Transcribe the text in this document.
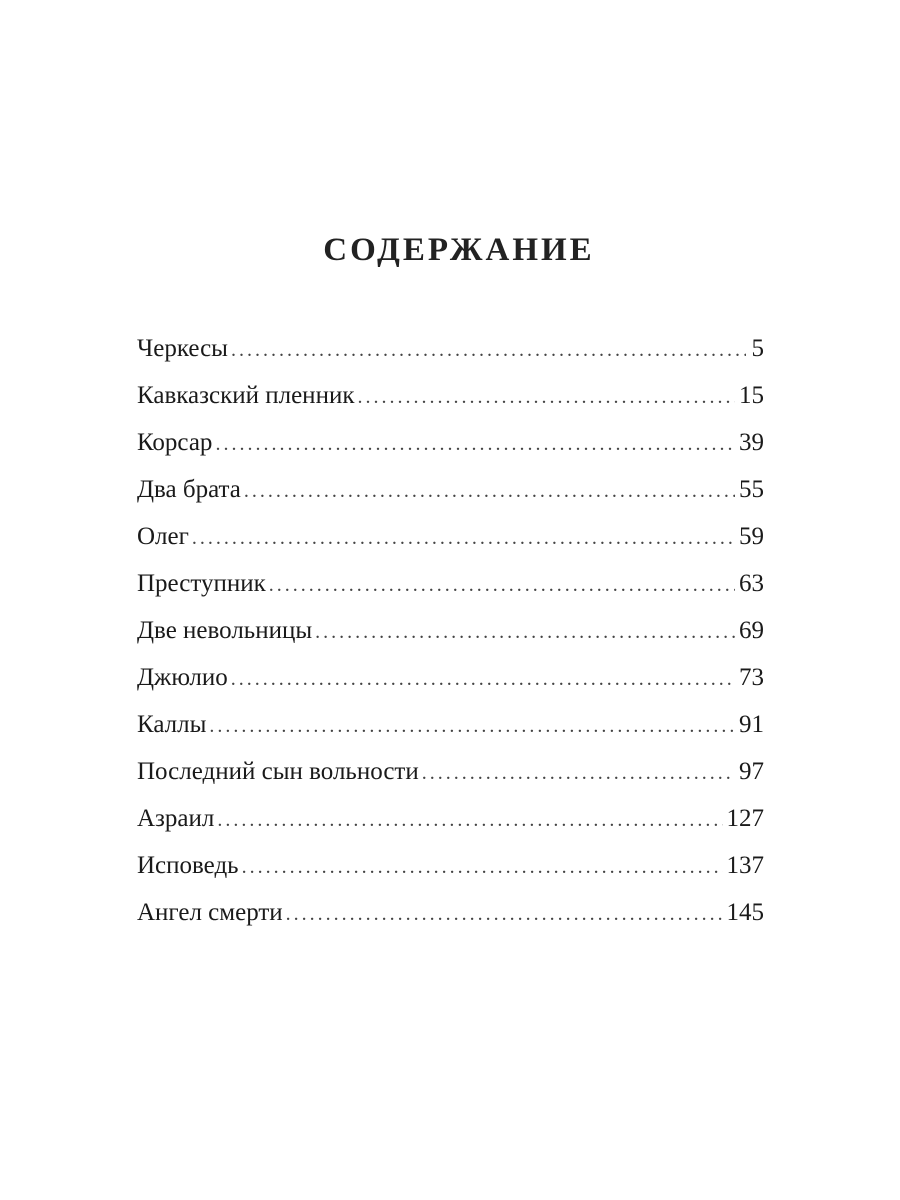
СОДЕРЖАНИЕ
Черкесы . . .	5
Кавказский пленник . . .	15
Корсар . . .	39
Два брата . . .	55
Олег . . .	59
Преступник . . .	63
Две невольницы . . .	69
Джюлио . . .	73
Каллы . . .	91
Последний сын вольности . . .	97
Азраил . . .	127
Исповедь . . .	137
Ангел смерти . . .	145
